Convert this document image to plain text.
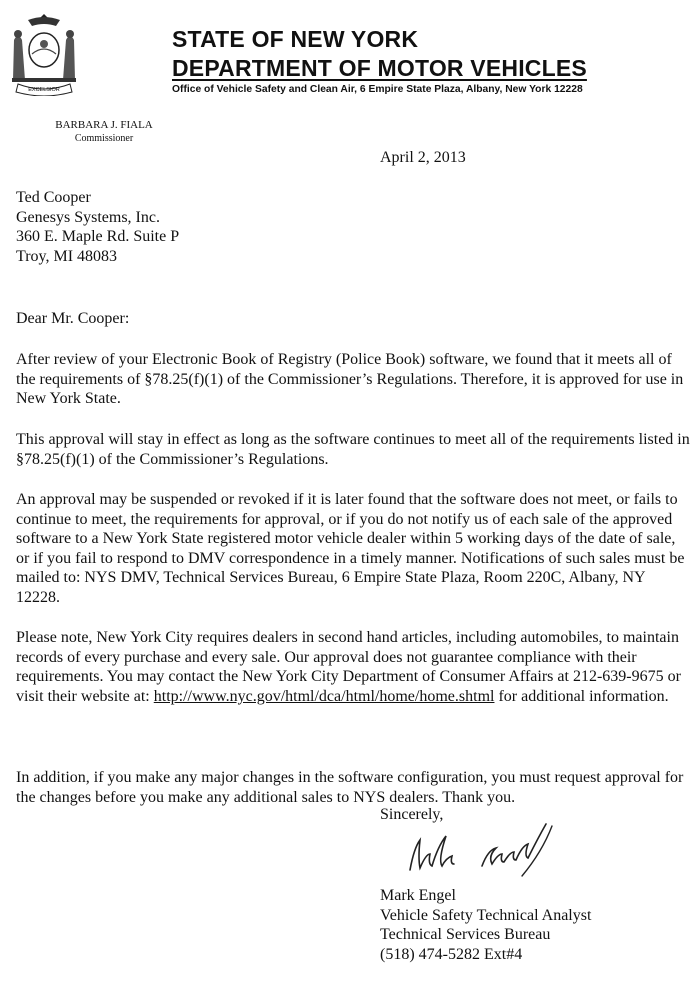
EXCELSIOR
STATE OF NEW YORK
DEPARTMENT OF MOTOR VEHICLES
Office of Vehicle Safety and Clean Air, 6 Empire State Plaza, Albany, New York 12228
BARBARA J. FIALA
Commissioner
April 2, 2013
Ted Cooper
Genesys Systems, Inc.
360 E. Maple Rd. Suite P
Troy, MI 48083
Dear Mr. Cooper:

After review of your Electronic Book of Registry (Police Book) software, we found that it meets all of the requirements of §78.25(f)(1) of the Commissioner’s Regulations. Therefore, it is approved for use in New York State.

This approval will stay in effect as long as the software continues to meet all of the requirements listed in §78.25(f)(1) of the Commissioner’s Regulations.

An approval may be suspended or revoked if it is later found that the software does not meet, or fails to continue to meet, the requirements for approval, or if you do not notify us of each sale of the approved software to a New York State registered motor vehicle dealer within 5 working days of the date of sale, or if you fail to respond to DMV correspondence in a timely manner. Notifications of such sales must be mailed to: NYS DMV, Technical Services Bureau, 6 Empire State Plaza, Room 220C, Albany, NY 12228.

Please note, New York City requires dealers in second hand articles, including automobiles, to maintain records of every purchase and every sale. Our approval does not guarantee compliance with their requirements. You may contact the New York City Department of Consumer Affairs at 212-639-9675 or visit their website at: http://www.nyc.gov/html/dca/html/home/home.shtml for additional information.

In addition, if you make any major changes in the software configuration, you must request approval for the changes before you make any additional sales to NYS dealers. Thank you.

Sincerely,
Mark Engel
Vehicle Safety Technical Analyst
Technical Services Bureau
(518) 474-5282 Ext#4
